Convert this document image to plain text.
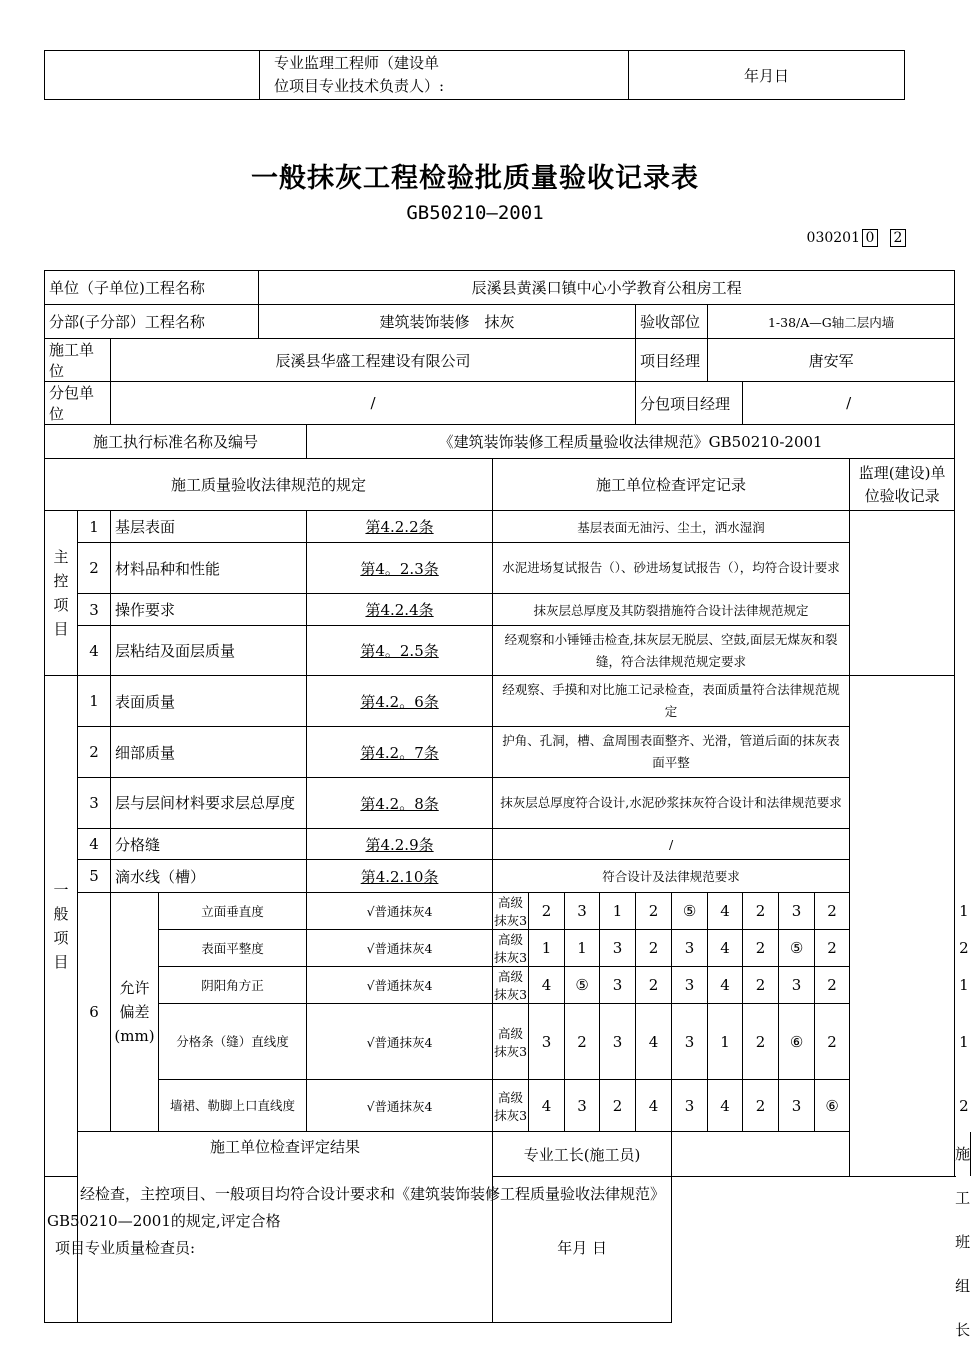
专业监理工程师（建设单
位项目专业技术负责人）:
	年月日
一般抹灰工程检验批质量验收记录表
GB50210—2001
030201 0 2
单位（子单位)工程名称				辰溪县黄溪口镇中心小学教育公租房工程													
分部(子分部）工程名称				建筑装饰装修　抹灰						验收部位		1-38/A—G轴二层内墙					
施工单位		辰溪县华盛工程建设有限公司								项目经理		唐安军					
分包单位		/								分包项目经理			/				
施工执行标准名称及编号					《建筑装饰装修工程质量验收法律规范》GB50210-2001												
施工质量验收法律规范的规定						施工单位检查评定记录										监理(建设)单
位验收记录	

主
控
项
目	1	基层表面			第4.2.2条	基层表面无油污、尘土，洒水湿润											
	2	材料品种和性能			第4。2.3条	水泥进场复试报告（）、砂进场复试报告（），均符合设计要求											
	3	操作要求			第4.2.4条	抹灰层总厚度及其防裂措施符合设计法律规范规定											
	4	层粘结及面层质量			第4。2.5条	经观察和小锤锤击检查,抹灰层无脱层、空鼓,面层无煤灰和裂缝，符合法律规范规定要求											

一
般
项
目	1	表面质量			第4.2。6条	经观察、手摸和对比施工记录检查，表面质量符合法律规范规定											
	2	细部质量			第4.2。7条	护角、孔洞，槽、盒周围表面整齐、光滑，管道后面的抹灰表面平整											
	3	层与层间材料要求层总厚度			第4.2。8条	抹灰层总厚度符合设计,水泥砂浆抹灰符合设计和法律规范要求											
	4	分格缝			第4.2.9条	/											
	5	滴水线（槽）			第4.2.10条	符合设计及法律规范要求											
	6	允许偏差(mm)	立面垂直度		√普通抹灰4	高级抹灰3	2	3	1	2	⑤	4	2	3	2		1
			表面平整度		√普通抹灰4	高级抹灰3	1	1	3	2	3	4	2	⑤	2		2
			阴阳角方正		√普通抹灰4	高级抹灰3	4	⑤	3	2	3	4	2	3	2		1
			分格条（缝）直线度		√普通抹灰4	高级抹灰3	3	2	3	4	3	1	2	⑥	2		1
			墙裙、勒脚上口直线度		√普通抹灰4	高级抹灰3	4	3	2	4	3	4	2	3	⑥		2
	施工单位检查评定结果					专业工长(施工员)											施工班组长

经检查，主控项目、一般项目均符合设计要求和《建筑装饰装修工程质量验收法律规范》GB50210—2001的规定,评定合格
项目专业质量检查员: 年月 日																	
